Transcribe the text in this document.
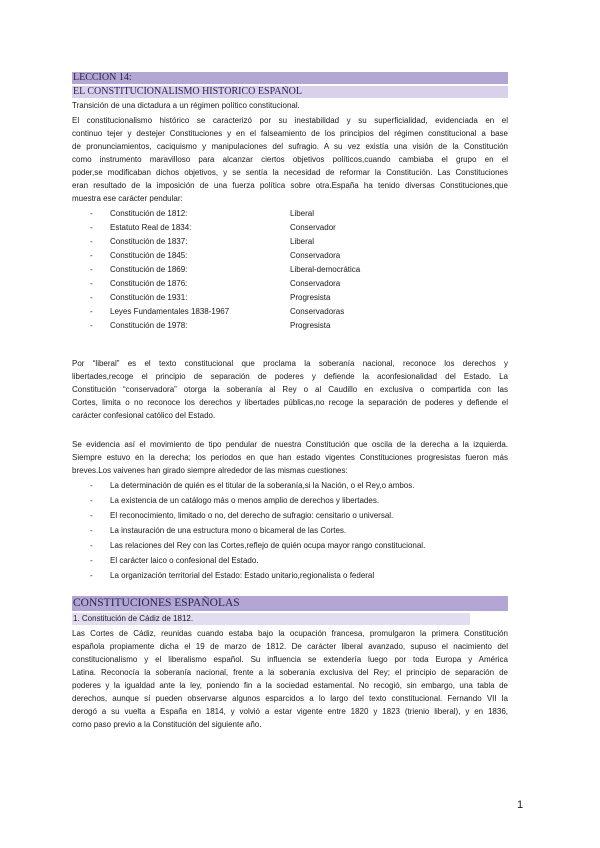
LECCIÓN 14:
EL CONSTITUCIONALISMO HISTÓRICO ESPAÑOL
Transición de una dictadura a un régimen político constitucional.
El constitucionalismo histórico se caracterizó por su inestabilidad y su superficialidad, evidenciada en el
continuo tejer y destejer Constituciones y en el falseamiento de los principios del régimen constitucional a base
de pronunciamientos, caciquismo y manipulaciones del sufragio. A su vez existía una visión de la Constitución
como instrumento maravilloso para alcanzar ciertos objetivos políticos,cuando cambiaba el grupo en el
poder,se modificaban dichos objetivos, y se sentía la necesidad de reformar la Constitución. Las Constituciones
eran resultado de la imposición de una fuerza política sobre otra.España ha tenido diversas Constituciones,que
muestra ese carácter pendular:
- Constitución de 1812:	Liberal
- Estatuto Real de 1834:	Conservador
- Constitución de 1837:	Liberal
- Constitución de 1845:	Conservadora
- Constitución de 1869:	Liberal-democrática
- Constitución de 1876:	Conservadora
- Constitución de 1931:	Progresista
- Leyes Fundamentales 1838-1967	Conservadoras
- Constitución de 1978:	Progresista
Por “liberal” es el texto constitucional que proclama la soberanía nacional, reconoce los derechos y
libertades,recoge el principio de separación de poderes y defiende la aconfesionalidad del Estado. La
Constitución “conservadora” otorga la soberanía al Rey o al Caudillo en exclusiva o compartida con las
Cortes, limita o no reconoce los derechos y libertades públicas,no recoge la separación de poderes y defiende el
carácter confesional católico del Estado.
Se evidencia así el movimiento de tipo pendular de nuestra Constitución que oscila de la derecha a la izquierda.
Siempre estuvo en la derecha; los periodos en que han estado vigentes Constituciones progresistas fueron más
breves.Los vaivenes han girado siempre alrededor de las mismas cuestiones:
- La determinación de quién es el titular de la soberanía,si la Nación, o el Rey,o ambos.
- La existencia de un catálogo más o menos amplio de derechos y libertades.
- El reconocimiento, limitado o no, del derecho de sufragio: censitario o universal.
- La instauración de una estructura mono o bicameral de las Cortes.
- Las relaciones del Rey con las Cortes,reflejo de quién ocupa mayor rango constitucional.
- El carácter laico o confesional del Estado.
- La organización territorial del Estado: Estado unitario,regionalista o federal
CONSTITUCIONES ESPAÑOLAS
1. Constitución de Cádiz de 1812.
Las Cortes de Cádiz, reunidas cuando estaba bajo la ocupación francesa, promulgaron la primera Constitución
española propiamente dicha el 19 de marzo de 1812. De carácter liberal avanzado, supuso el nacimiento del
constitucionalismo y el liberalismo español. Su influencia se extendería luego por toda Europa y América
Latina. Reconocía la soberanía nacional, frente a la soberanía exclusiva del Rey; el principio de separación de
poderes y la igualdad ante la ley, poniendo fin a la sociedad estamental. No recogió, sin embargo, una tabla de
derechos, aunque sí pueden observarse algunos esparcidos a lo largo del texto constitucional. Fernando VII la
derogó a su vuelta a España en 1814, y volvió a estar vigente entre 1820 y 1823 (trienio liberal), y en 1836,
como paso previo a la Constitución del siguiente año.
1
